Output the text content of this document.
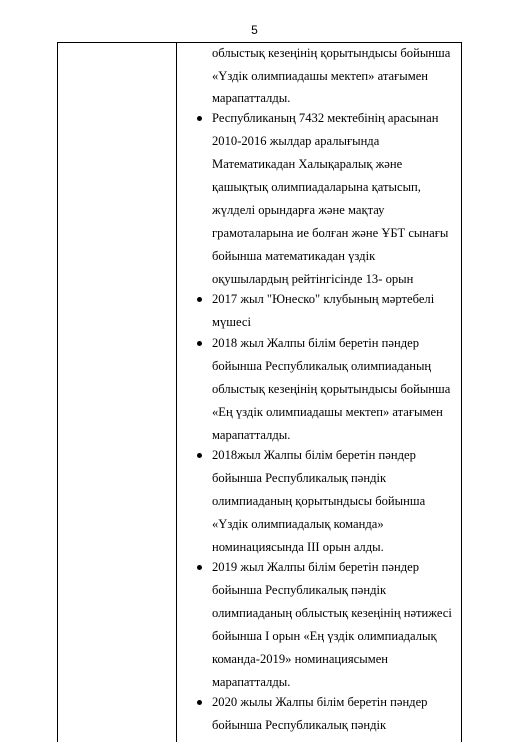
5
облыстық кезеңінің қорытындысы бойынша
«Үздік олимпиадашы мектеп» атағымен
марапатталды.
Республиканың 7432 мектебінің арасынан
2010-2016 жылдар аралығында
Математикадан Халықаралық және
қашықтық олимпиадаларына қатысып,
жүлделі орындарға және мақтау
грамоталарына ие болған және ҰБТ сынағы
бойынша математикадан үздік
оқушылардың рейтінгісінде 13- орын
2017 жыл "Юнеско" клубының мәртебелі
мүшесі
2018 жыл Жалпы білім беретін пәндер
бойынша Республикалық олимпиаданың
облыстық кезеңінің қорытындысы бойынша
«Ең үздік олимпиадашы мектеп» атағымен
марапатталды.
2018жыл Жалпы білім беретін пәндер
бойынша Республикалық пәндік
олимпиаданың қорытындысы бойынша
«Үздік олимпиадалық команда»
номинациясында III орын алды.
2019 жыл Жалпы білім беретін пәндер
бойынша Республикалық пәндік
олимпиаданың облыстық кезеңінің нәтижесі
бойынша I орын «Ең үздік олимпиадалық
команда-2019» номинациясымен
марапатталды.
2020 жылы Жалпы білім беретін пәндер
бойынша Республикалық пәндік
